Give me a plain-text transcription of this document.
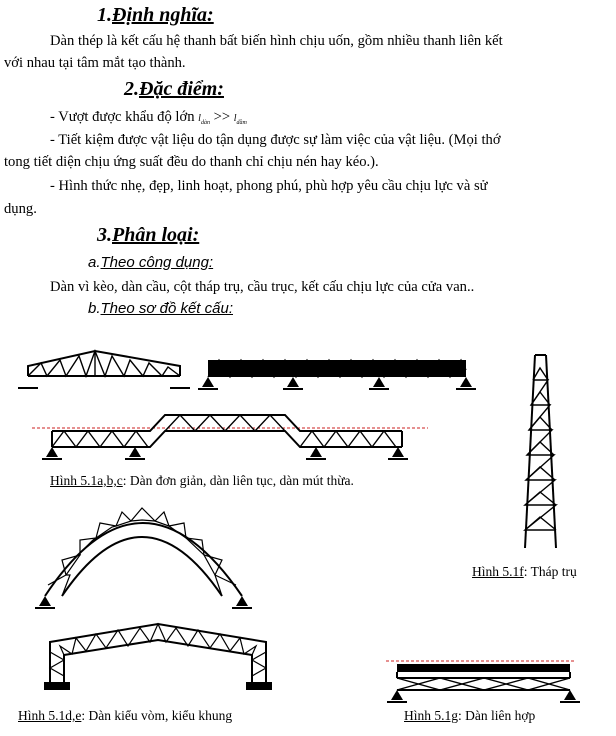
1.Định nghĩa:
Dàn thép là kết cấu hệ thanh bất biến hình chịu uốn, gồm nhiều thanh liên kết
với nhau tại tâm mắt tạo thành.
2.Đặc điểm:
- Vượt được khẩu độ lớn $l_{dàn} >> l_{dầm}$
- Tiết kiệm được vật liệu do tận dụng được sự làm việc của vật liệu. (Mọi thớ
tong tiết diện chịu ứng suất đều do thanh chỉ chịu nén hay kéo.).
- Hình thức nhẹ, đẹp, linh hoạt, phong phú, phù hợp yêu cầu chịu lực và sử
dụng.
3.Phân loại:
a.Theo công dụng:
Dàn vì kèo, dàn cầu, cột tháp trụ, cầu trục, kết cấu chịu lực của cửa van..
b.Theo sơ đồ kết cấu:
Hình 5.1a,b,c: Dàn đơn giản, dàn liên tục, dàn mút thừa.
Hình 5.1f: Tháp trụ
Hình 5.1d,e: Dàn kiểu vòm, kiểu khung	Hình 5.1g: Dàn liên hợp
